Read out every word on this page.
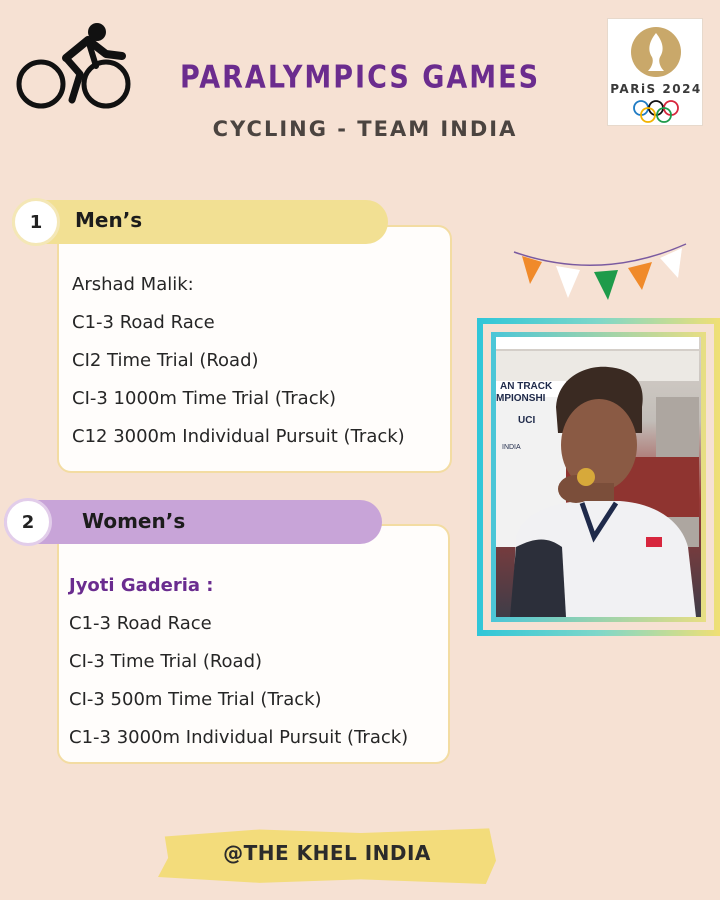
PARALYMPICS GAMES
CYCLING - TEAM INDIA
PARiS 2024
1	Men’s
Arshad Malik:
C1-3 Road Race
CI2 Time Trial (Road)
CI-3 1000m Time Trial (Track)
C12 3000m Individual Pursuit (Track)
2	Women’s
Jyoti Gaderia :
C1-3 Road Race
CI-3 Time Trial (Road)
CI-3 500m Time Trial (Track)
C1-3 3000m Individual Pursuit (Track)
AN TRACK
MPIONSHI
UCI
INDIA
@THE KHEL INDIA
